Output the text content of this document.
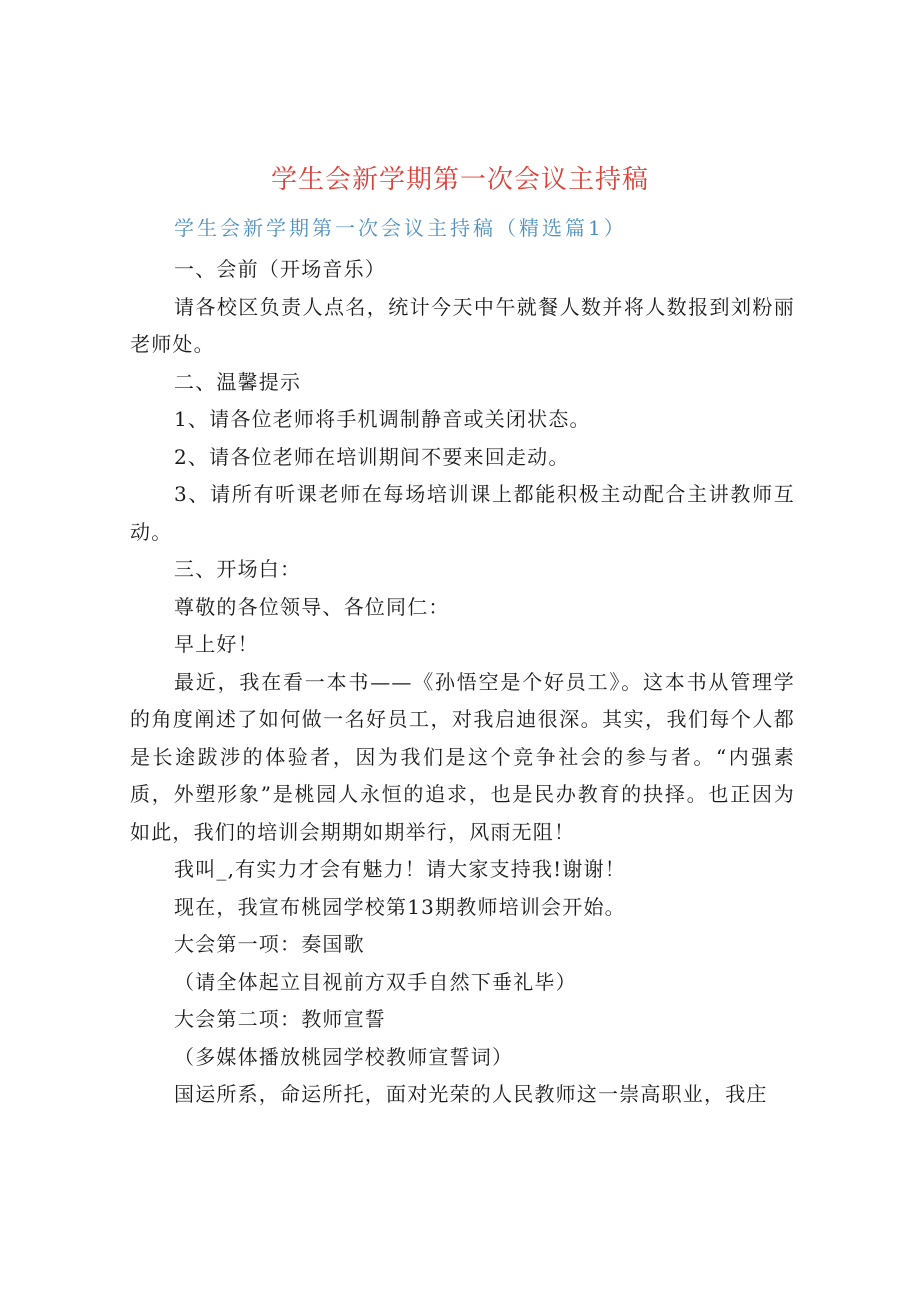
学生会新学期第一次会议主持稿
学生会新学期第一次会议主持稿（精选篇1）

一、会前（开场音乐）

请各校区负责人点名，统计今天中午就餐人数并将人数报到刘粉丽老师处。

二、温馨提示

1、请各位老师将手机调制静音或关闭状态。

2、请各位老师在培训期间不要来回走动。

3、请所有听课老师在每场培训课上都能积极主动配合主讲教师互动。

三、开场白：

尊敬的各位领导、各位同仁：

早上好！

最近，我在看一本书——《孙悟空是个好员工》。这本书从管理学的角度阐述了如何做一名好员工，对我启迪很深。其实，我们每个人都是长途跋涉的体验者，因为我们是这个竞争社会的参与者。“内强素质，外塑形象”是桃园人永恒的追求，也是民办教育的抉择。也正因为如此，我们的培训会期期如期举行，风雨无阻！

我叫_,有实力才会有魅力！请大家支持我!谢谢！

现在，我宣布桃园学校第13期教师培训会开始。

大会第一项：奏国歌

（请全体起立目视前方双手自然下垂礼毕）

大会第二项：教师宣誓

（多媒体播放桃园学校教师宣誓词）

国运所系，命运所托，面对光荣的人民教师这一崇高职业，我庄
